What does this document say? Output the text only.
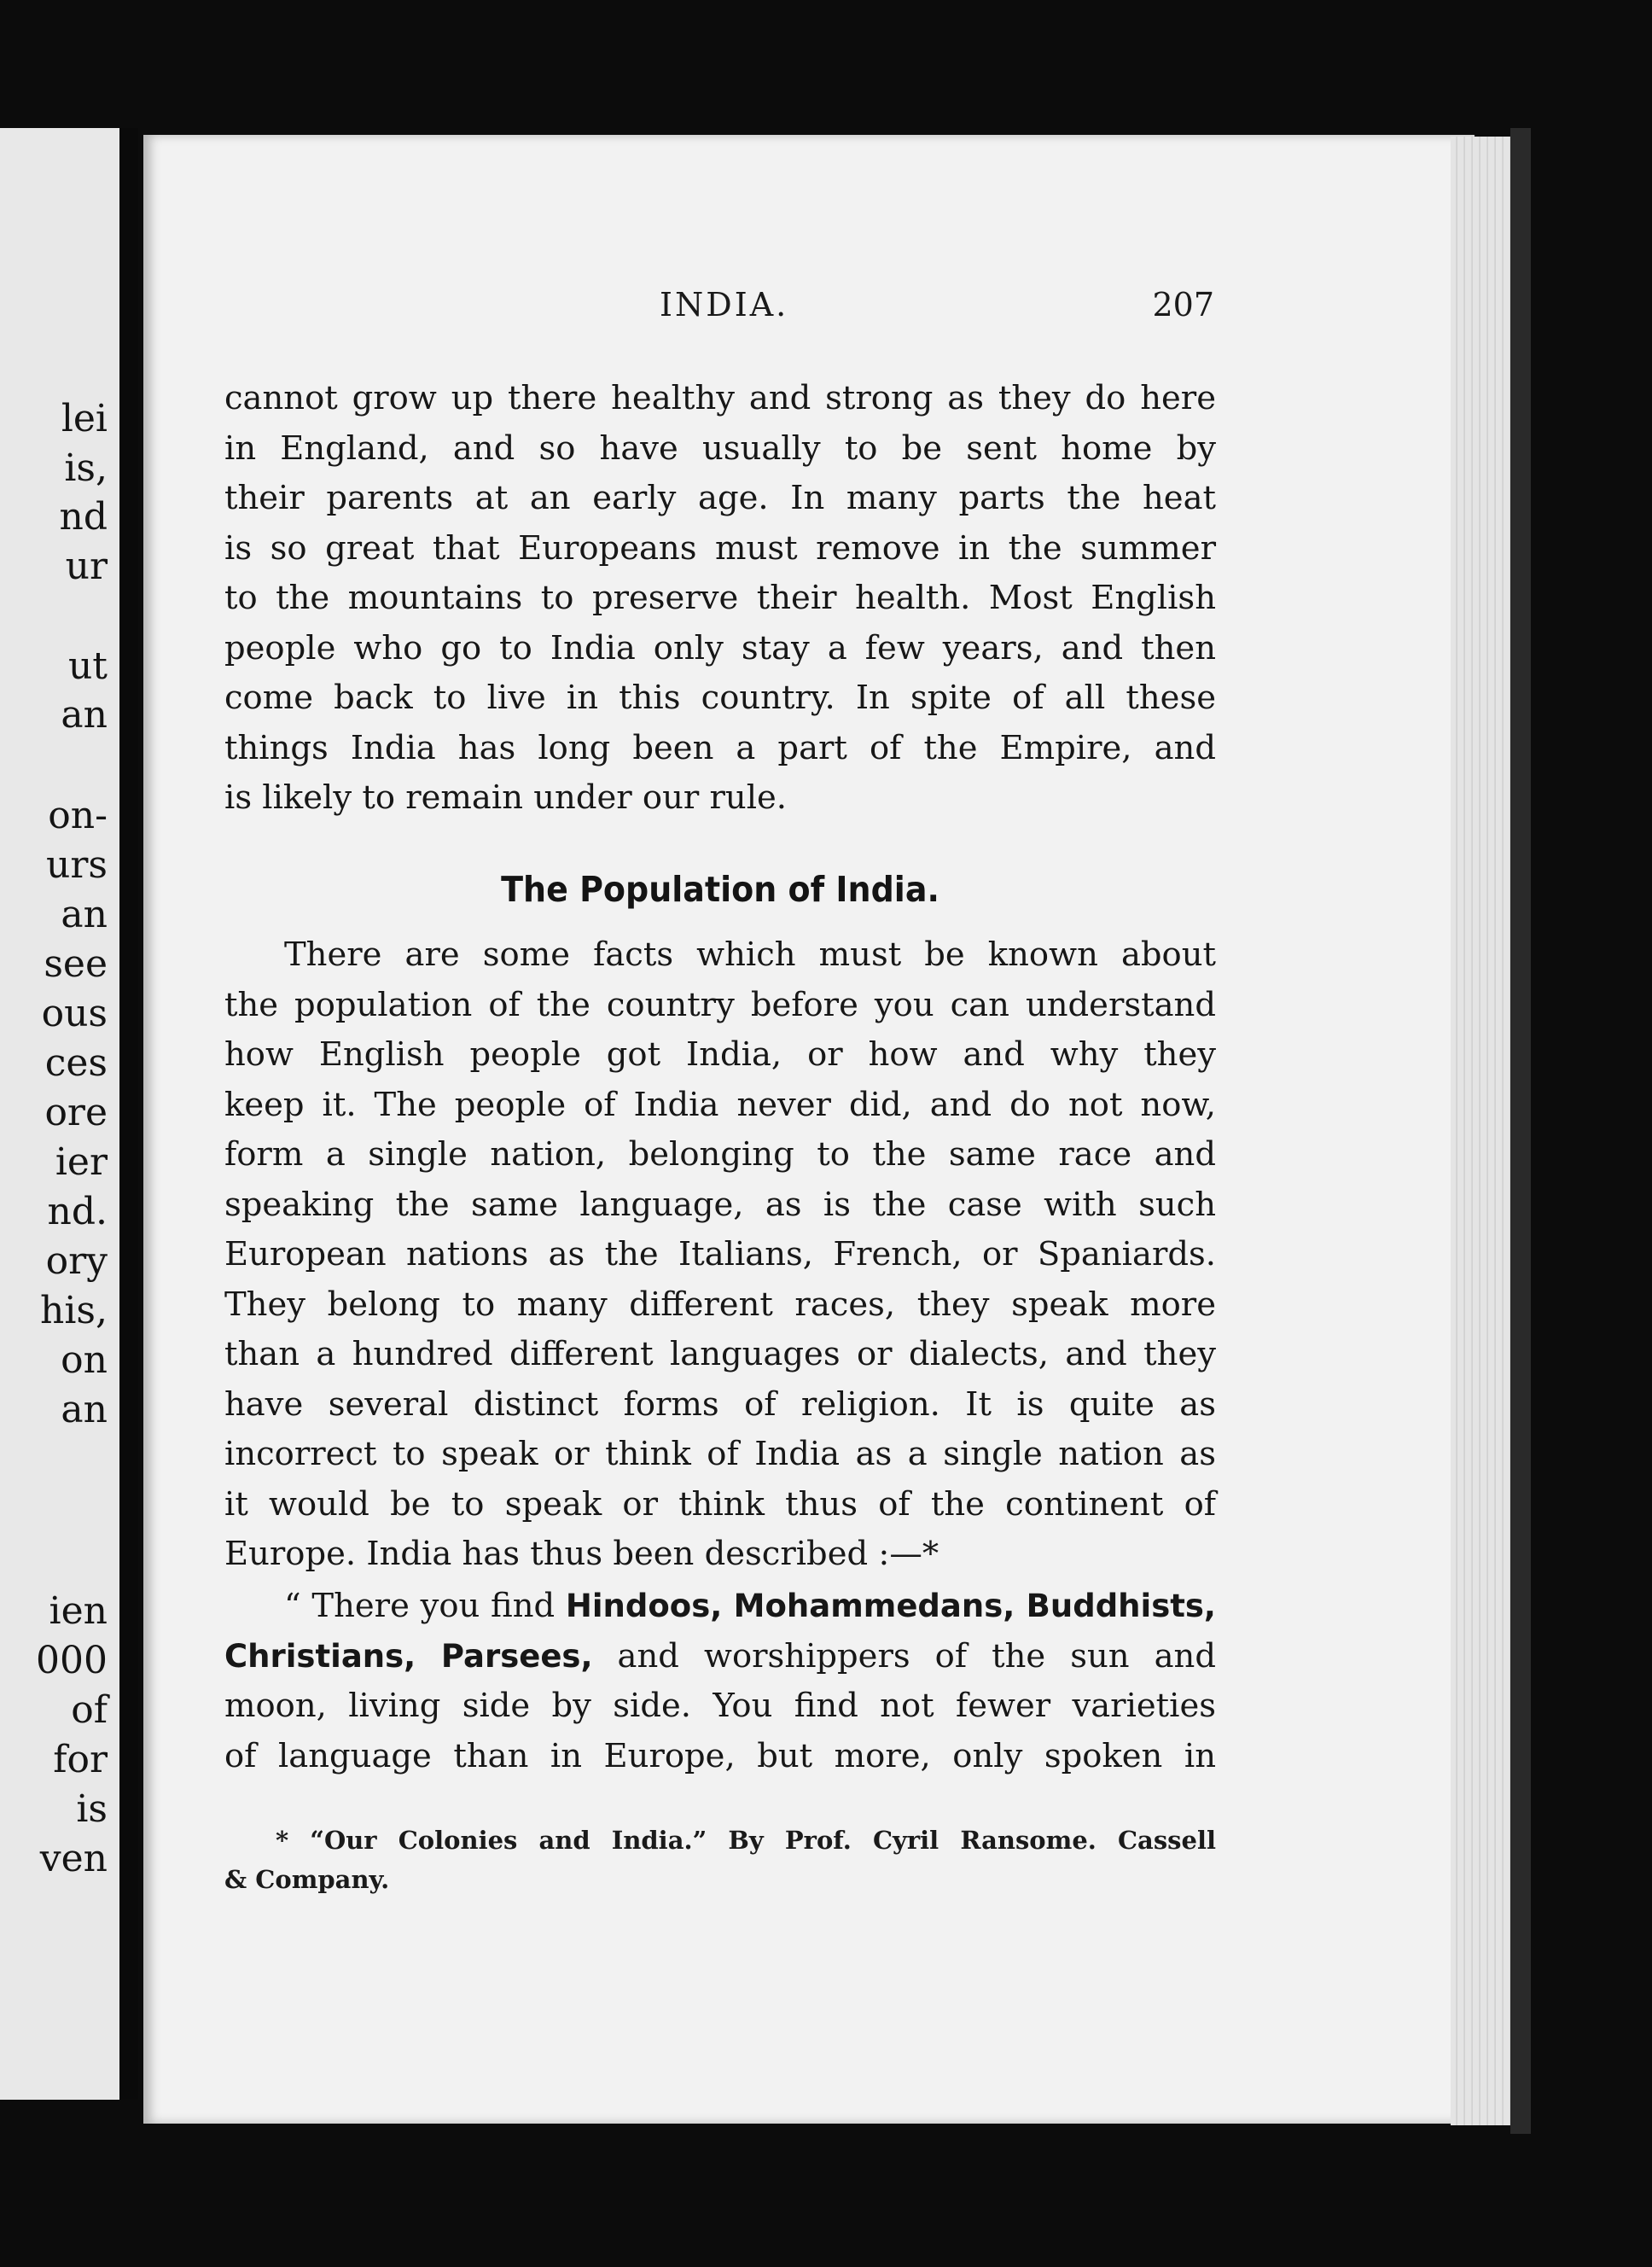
lei
is,
nd
ur
ut
an
on-
urs
an
see
ous
ces
ore
ier
nd.
ory
his,
on
an
ien
000
of
for
is
ven
INDIA.	207
cannot grow up there healthy and strong as they do here
in England, and so have usually to be sent home by
their parents at an early age. In many parts the heat
is so great that Europeans must remove in the summer
to the mountains to preserve their health. Most English
people who go to India only stay a few years, and then
come back to live in this country. In spite of all these
things India has long been a part of the Empire, and
is likely to remain under our rule.
The Population of India.
There are some facts which must be known about
the population of the country before you can understand
how English people got India, or how and why they
keep it. The people of India never did, and do not now,
form a single nation, belonging to the same race and
speaking the same language, as is the case with such
European nations as the Italians, French, or Spaniards.
They belong to many different races, they speak more
than a hundred different languages or dialects, and they
have several distinct forms of religion. It is quite as
incorrect to speak or think of India as a single nation as
it would be to speak or think thus of the continent of
Europe. India has thus been described :—*
“ There you find Hindoos, Mohammedans, Buddhists,
Christians, Parsees, and worshippers of the sun and
moon, living side by side. You find not fewer varieties
of language than in Europe, but more, only spoken in
* “Our Colonies and India.” By Prof. Cyril Ransome. Cassell
& Company.
